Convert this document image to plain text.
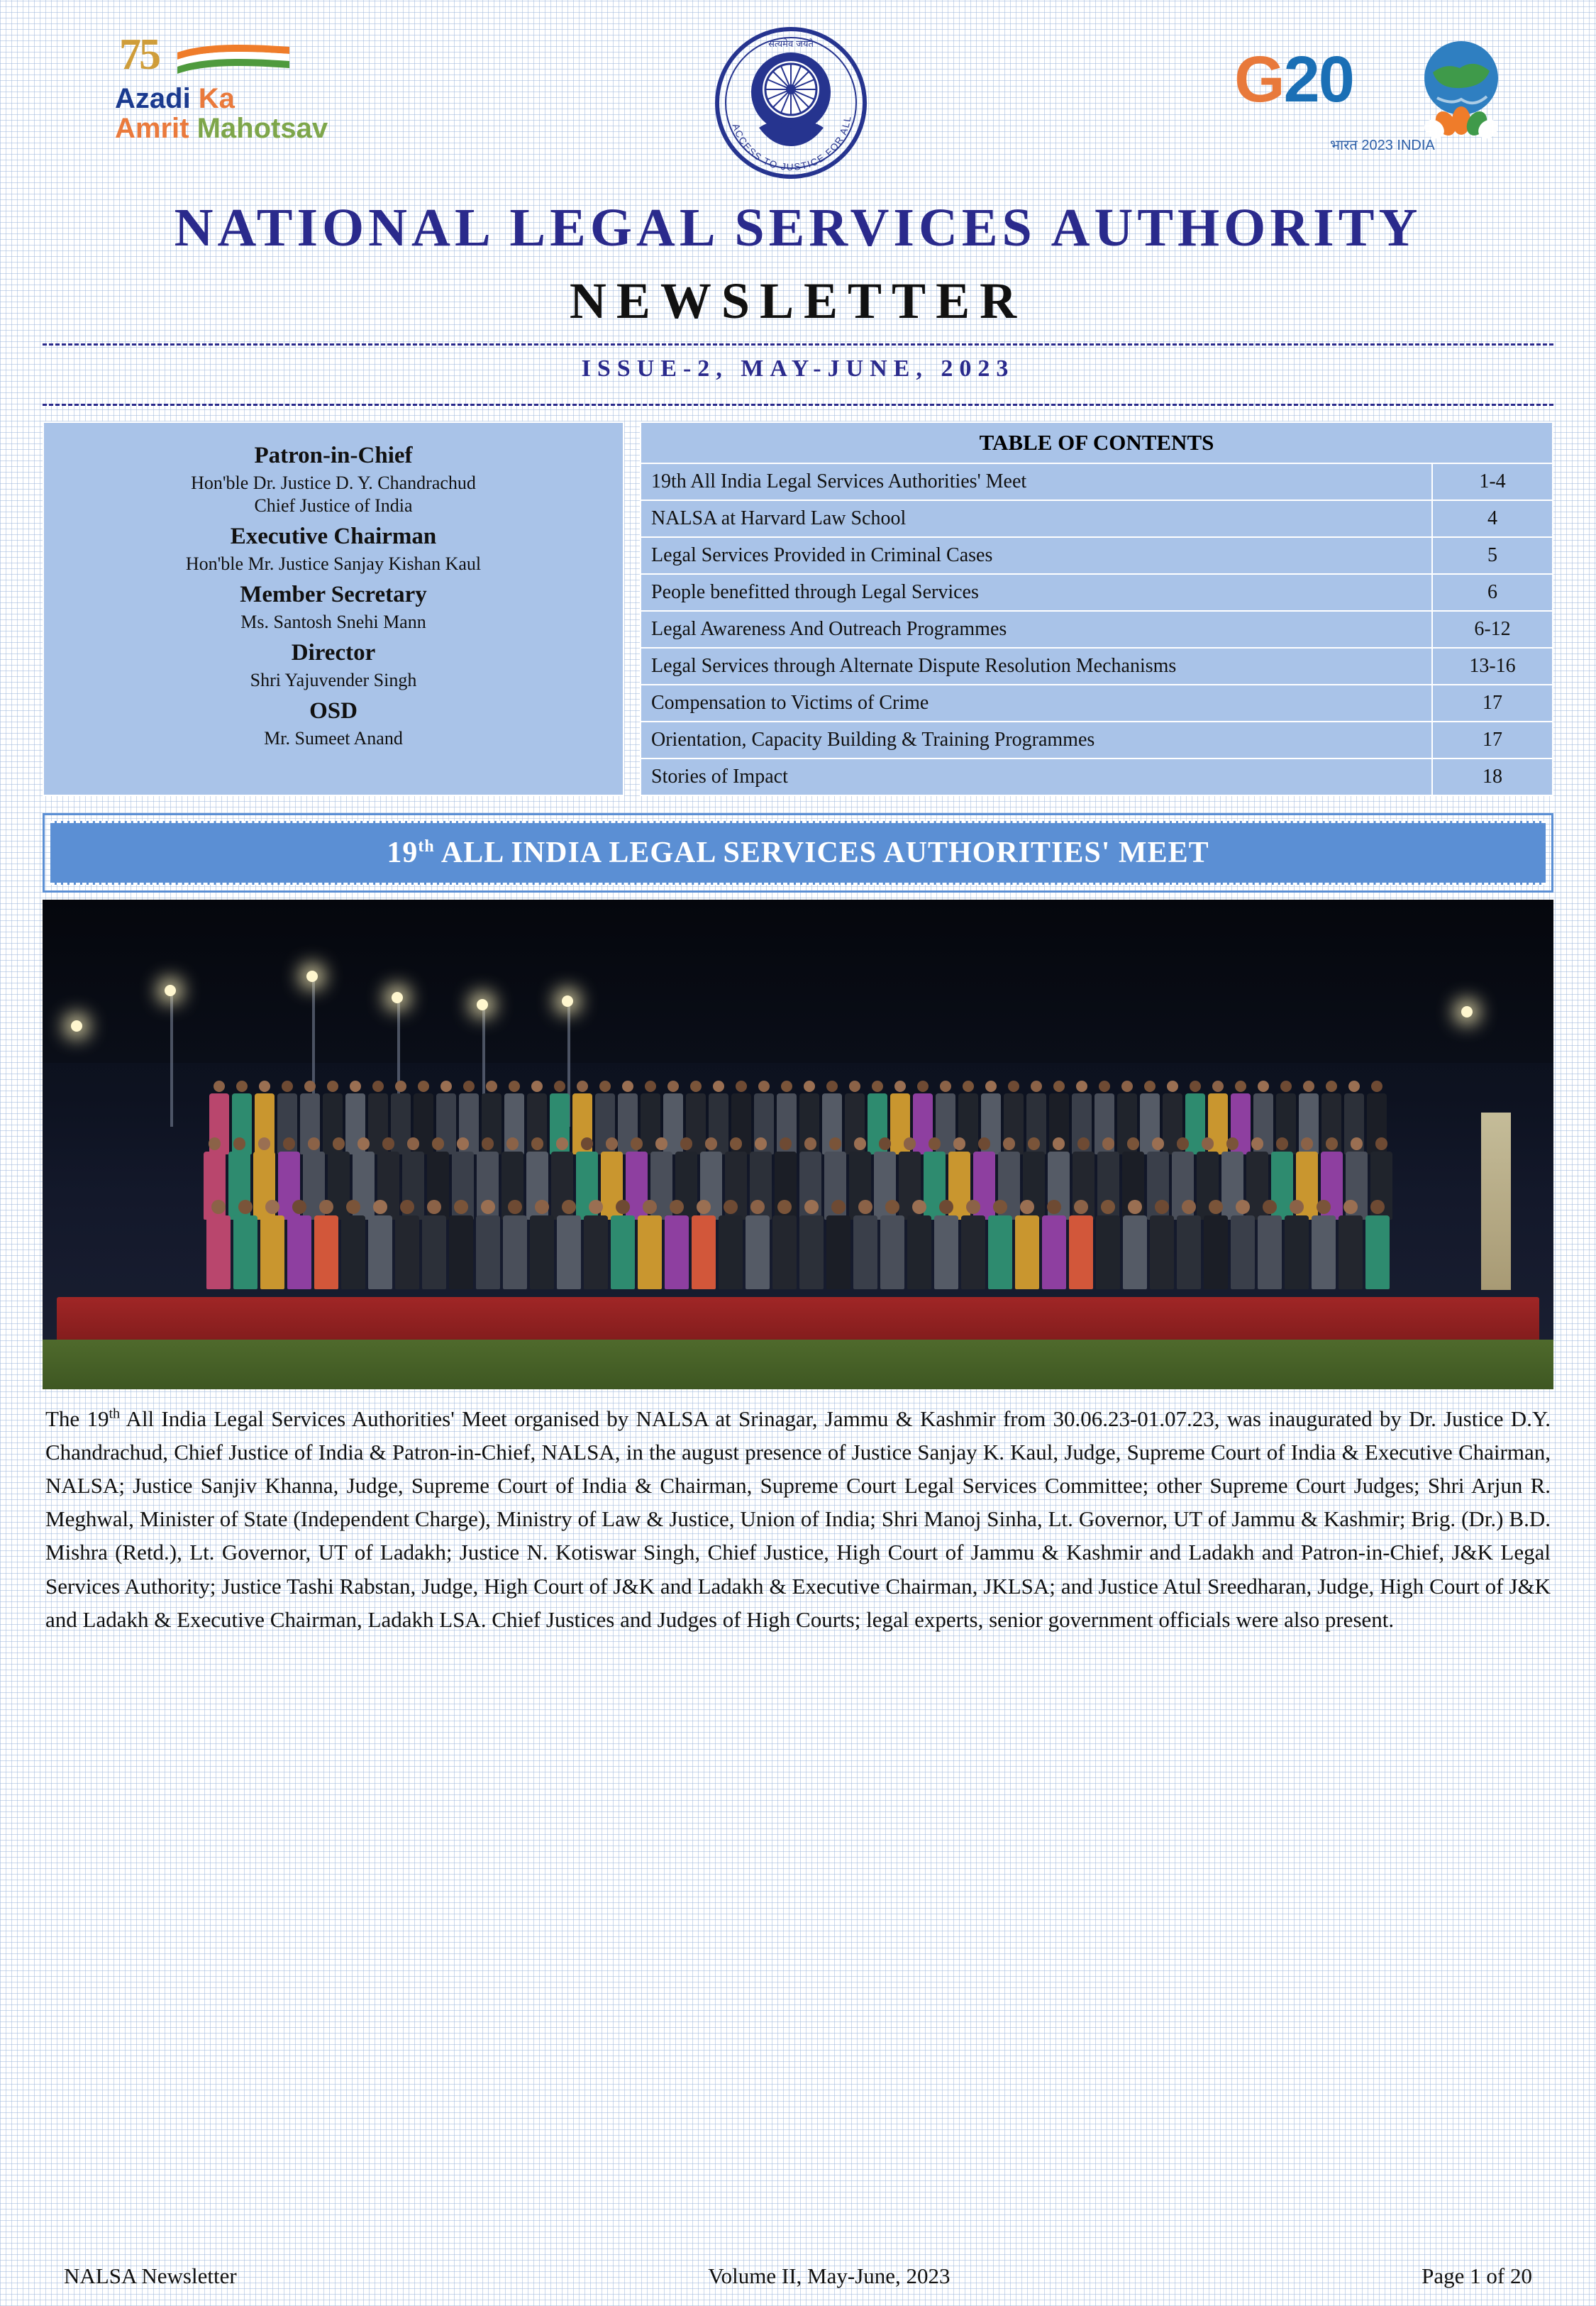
75
Azadi Ka
Amrit Mahotsav
सत्यमेव जयते
ACCESS TO JUSTICE FOR ALL
G20
भारत 2023 INDIA
NATIONAL LEGAL SERVICES AUTHORITY
NEWSLETTER
ISSUE-2, MAY-JUNE, 2023
Patron-in-Chief
Hon'ble Dr. Justice D. Y. Chandrachud
Chief Justice of India
Executive Chairman
Hon'ble Mr. Justice Sanjay Kishan Kaul
Member Secretary
Ms. Santosh Snehi Mann
Director
Shri Yajuvender Singh
OSD
Mr. Sumeet Anand
TABLE OF CONTENTS	
19th All India Legal Services Authorities' Meet	1-4
NALSA at Harvard Law School	4
Legal Services Provided in Criminal Cases	5
People benefitted through Legal Services	6
Legal Awareness And Outreach Programmes	6-12
Legal Services through Alternate Dispute Resolution Mechanisms	13-16
Compensation to Victims of Crime	17
Orientation, Capacity Building & Training Programmes	17
Stories of Impact	18
19th ALL INDIA LEGAL SERVICES AUTHORITIES' MEET
The 19th All India Legal Services Authorities' Meet organised by NALSA at Srinagar, Jammu & Kashmir from 30.06.23-01.07.23, was inaugurated by Dr. Justice D.Y. Chandrachud, Chief Justice of India & Patron-in-Chief, NALSA, in the august presence of Justice Sanjay K. Kaul, Judge, Supreme Court of India & Executive Chairman, NALSA; Justice Sanjiv Khanna, Judge, Supreme Court of India & Chairman, Supreme Court Legal Services Committee; other Supreme Court Judges; Shri Arjun R. Meghwal, Minister of State (Independent Charge), Ministry of Law & Justice, Union of India; Shri Manoj Sinha, Lt. Governor, UT of Jammu & Kashmir; Brig. (Dr.) B.D. Mishra (Retd.), Lt. Governor, UT of Ladakh; Justice N. Kotiswar Singh, Chief Justice, High Court of Jammu & Kashmir and Ladakh and Patron-in-Chief, J&K Legal Services Authority; Justice Tashi Rabstan, Judge, High Court of J&K and Ladakh & Executive Chairman, JKLSA; and Justice Atul Sreedharan, Judge, High Court of J&K and Ladakh & Executive Chairman, Ladakh LSA. Chief Justices and Judges of High Courts; legal experts, senior government officials were also present.
NALSA Newsletter	Volume II, May-June, 2023	Page 1 of 20
